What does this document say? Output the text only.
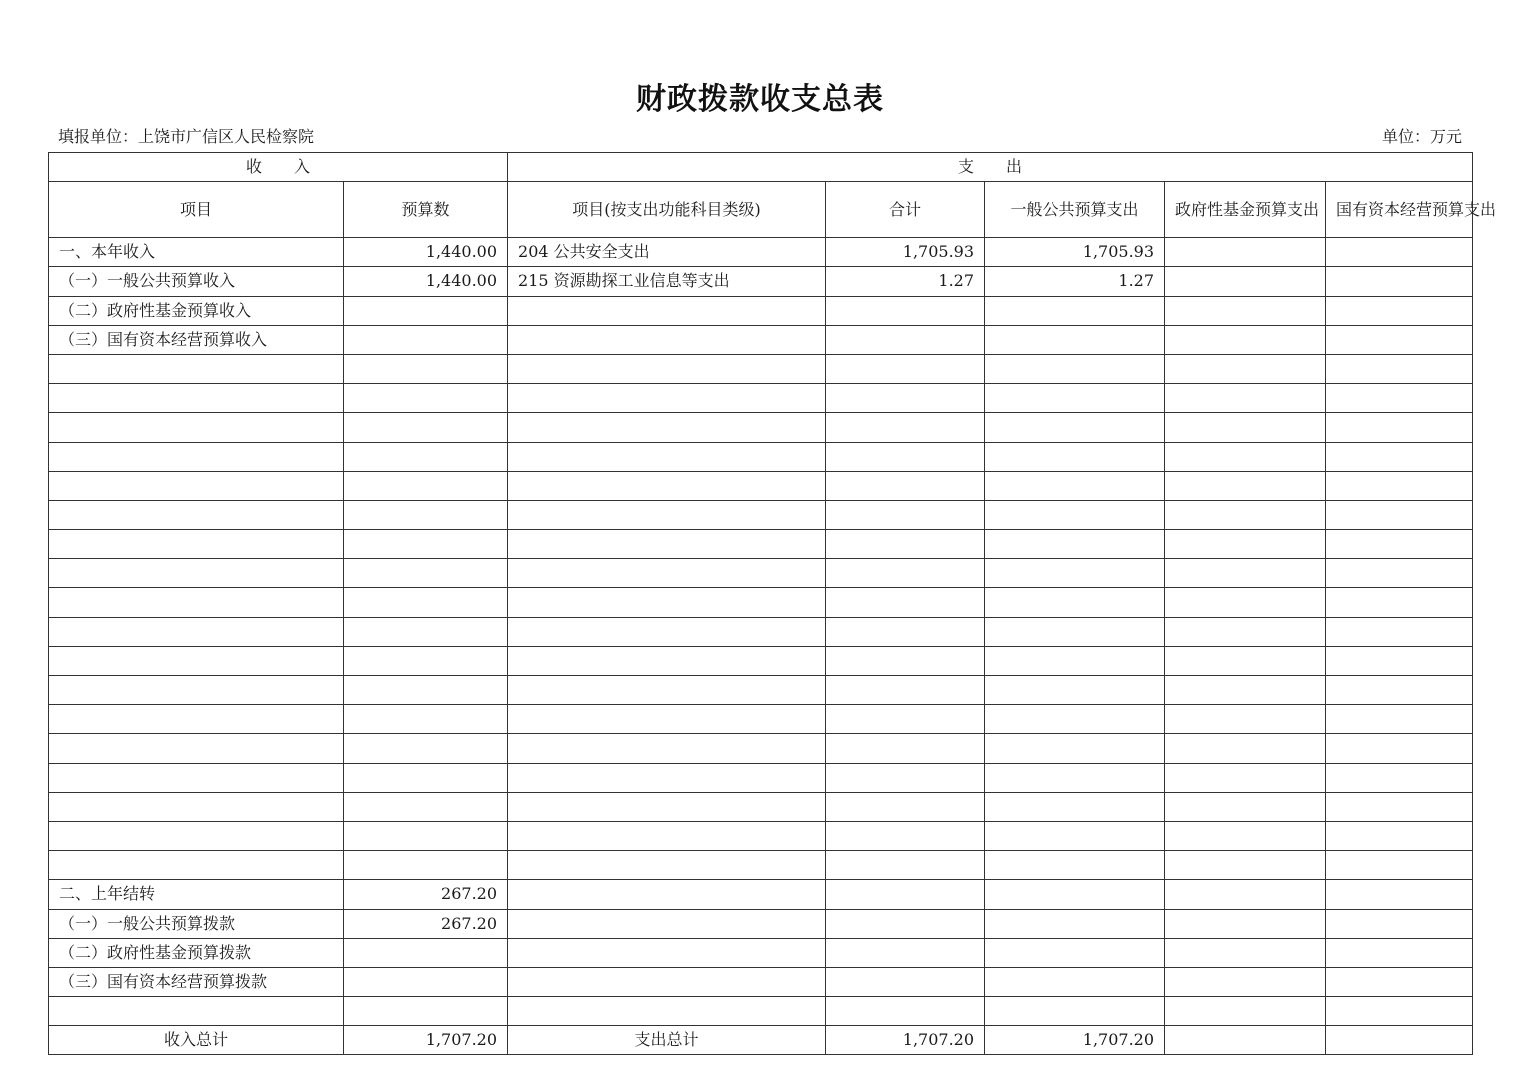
财政拨款收支总表
填报单位：上饶市广信区人民检察院	单位：万元
收　　入		支　　出				
项目	预算数	项目(按支出功能科目类级)	合计	一般公共预算支出	政府性基金预算支出	国有资本经营预算支出
一、本年收入	1,440.00	204 公共安全支出	1,705.93	1,705.93		
（一）一般公共预算收入	1,440.00	215 资源勘探工业信息等支出	1.27	1.27		
（二）政府性基金预算收入						
（三）国有资本经营预算收入						

二、上年结转	267.20					
（一）一般公共预算拨款	267.20					
（二）政府性基金预算拨款						
（三）国有资本经营预算拨款						

收入总计	1,707.20	支出总计	1,707.20	1,707.20		
